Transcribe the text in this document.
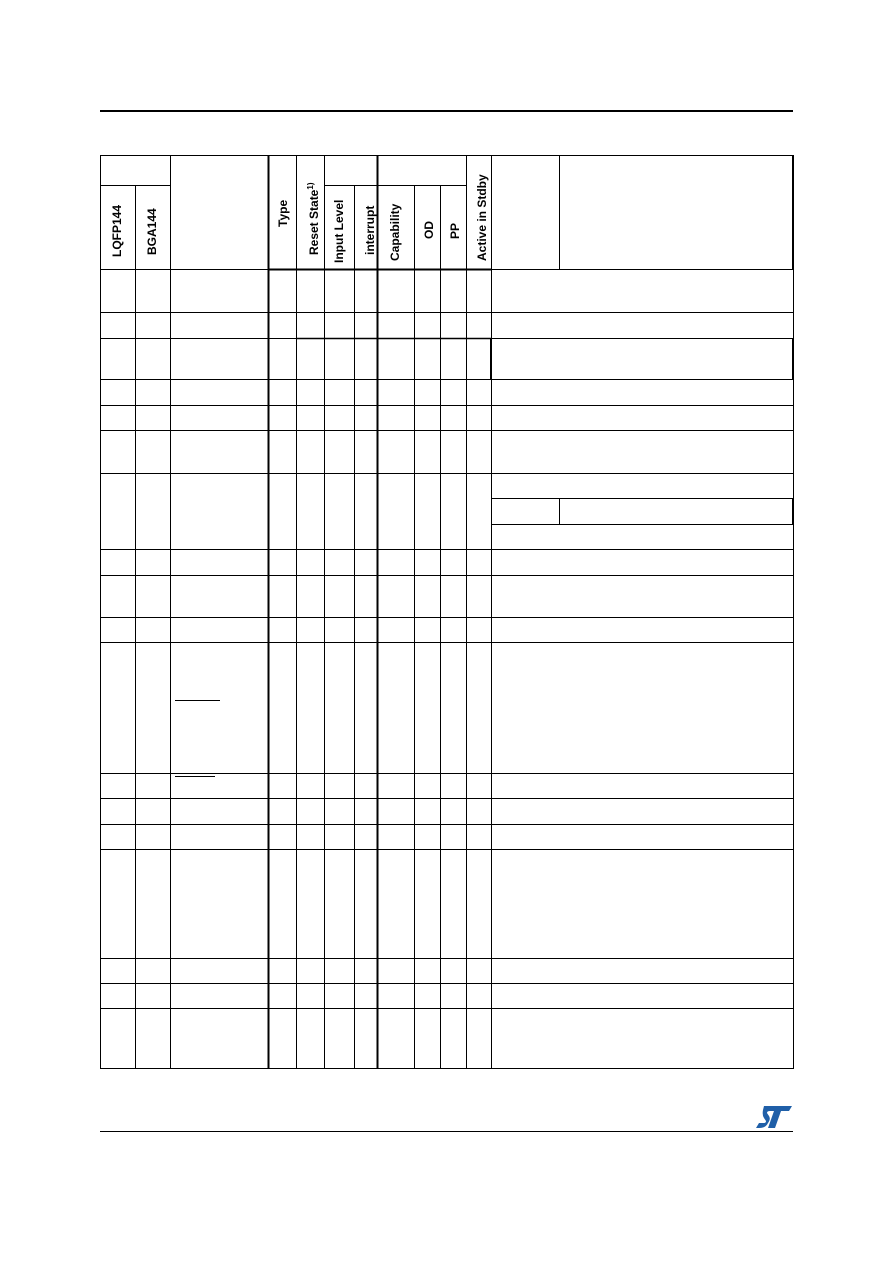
LQFP144 BGA144	Type Reset State$^{1)}$
Input Level interrupt Capability OD PP Active in Stdby
